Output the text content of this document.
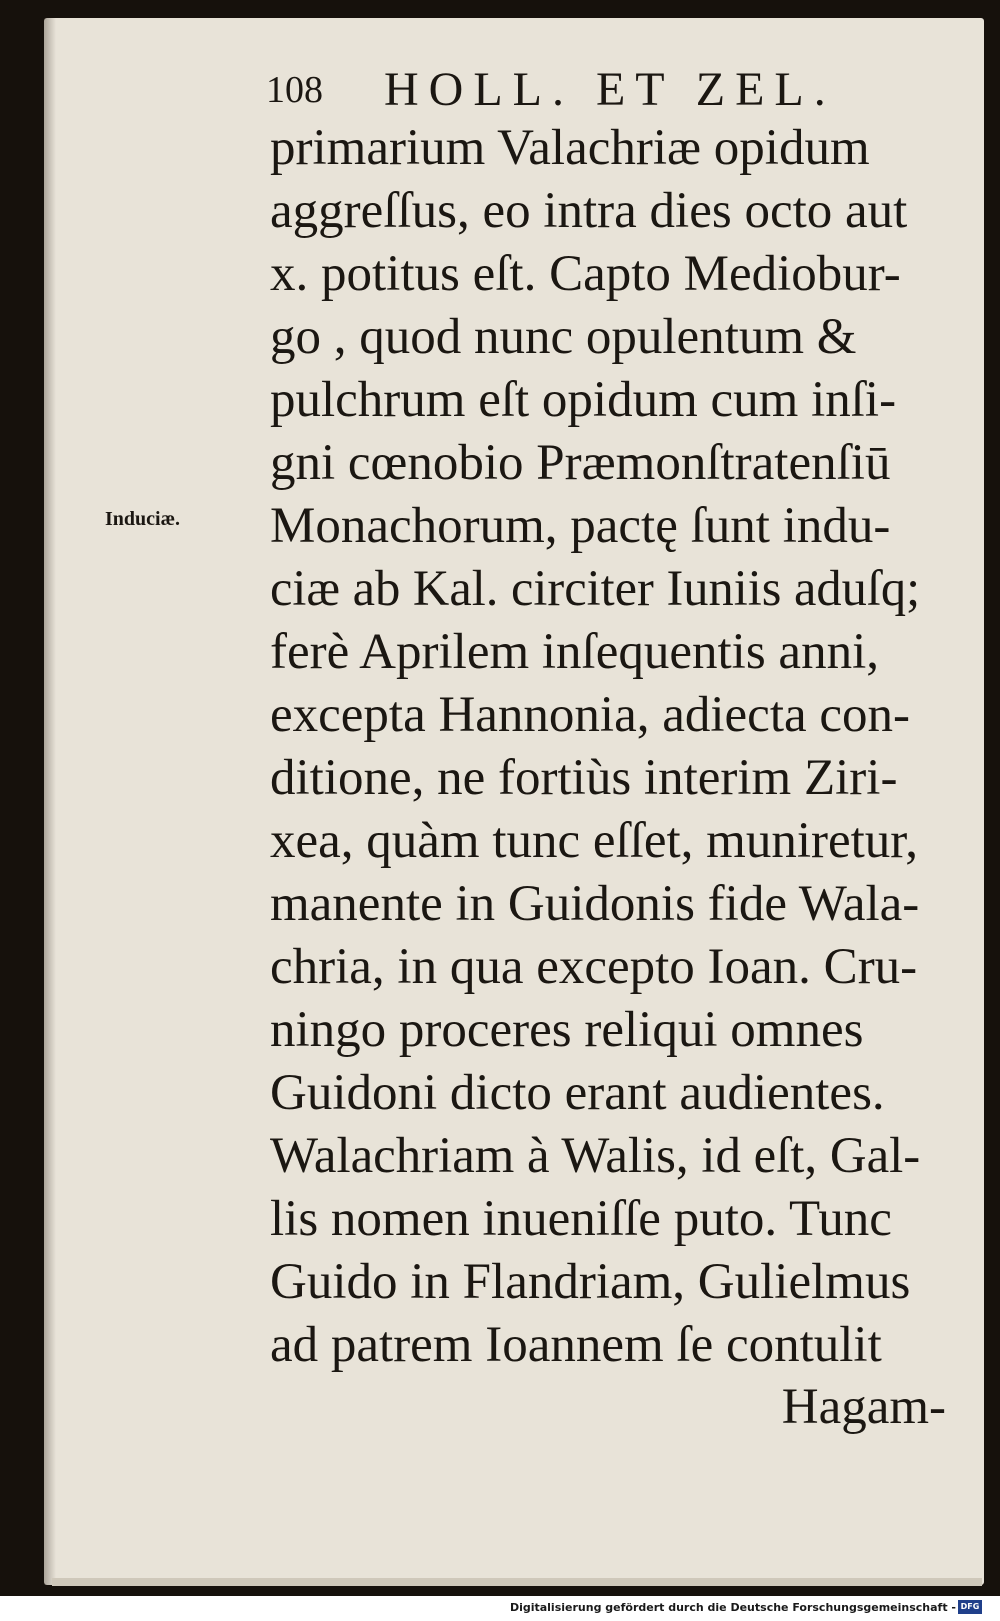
108 HOLL. ET ZEL.
Induciæ.

primarium Valachriæ opidum

aggreſſus, eo intra dies octo aut

x. potitus eſt. Capto Mediobur-

go , quod nunc opulentum &

pulchrum eſt opidum cum inſi-

gni cœnobio Præmonſtratenſiū

Monachorum, pactę ſunt indu-

ciæ ab Kal. circiter Iuniis aduſq;

ferè Aprilem inſequentis anni,

excepta Hannonia, adiecta con-

ditione, ne fortiùs interim Ziri-

xea, quàm tunc eſſet, muniretur,

manente in Guidonis fide Wala-

chria, in qua excepto Ioan. Cru-

ningo proceres reliqui omnes

Guidoni dicto erant audientes.

Walachriam à Walis, id eſt, Gal-

lis nomen inueniſſe puto. Tunc

Guido in Flandriam, Gulielmus

ad patrem Ioannem ſe contulit

Hagam-
Digitalisierung gefördert durch die Deutsche Forschungsgemeinschaft - DFG
